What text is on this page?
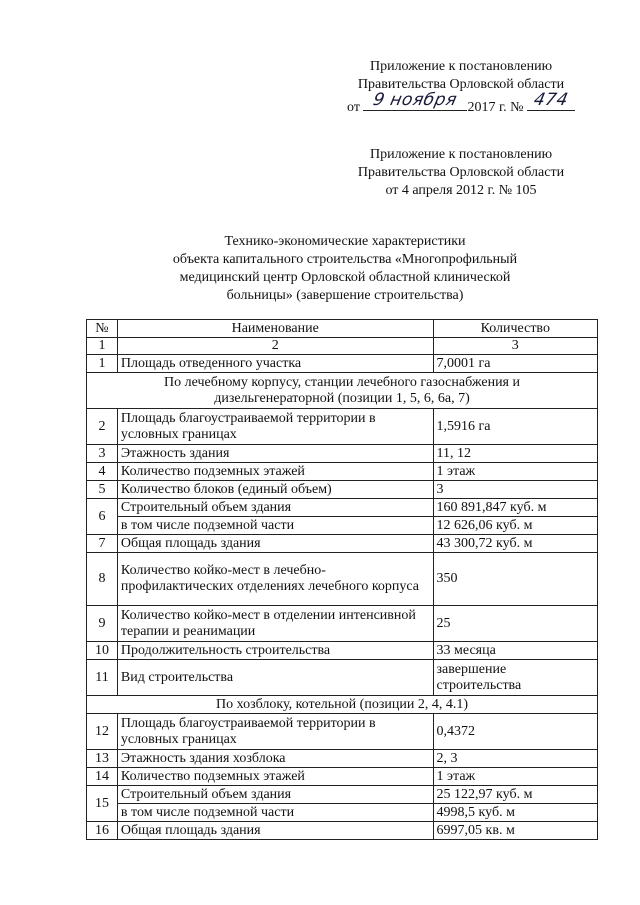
Приложение к постановлению
Правительства Орловской области
от 9 ноября 2017 г. № 474
Приложение к постановлению
Правительства Орловской области
от 4 апреля 2012 г. № 105
Технико-экономические характеристики
объекта капитального строительства «Многопрофильный
медицинский центр Орловской областной клинической
больницы» (завершение строительства)
№	Наименование	Количество
1	2	3
1	Площадь отведенного участка	7,0001 га
По лечебному корпусу, станции лечебного газоснабжения и дизельгенераторной (позиции 1, 5, 6, 6а, 7)		
2	Площадь благоустраиваемой территории в условных границах	1,5916 га
3	Этажность здания	11, 12
4	Количество подземных этажей	1 этаж
5	Количество блоков (единый объем)	3
6	Строительный объем здания	160 891,847 куб. м
	в том числе подземной части	12 626,06 куб. м
7	Общая площадь здания	43 300,72 куб. м
8	Количество койко-мест в лечебно-профилактических отделениях лечебного корпуса	350
9	Количество койко-мест в отделении интенсивной терапии и реанимации	25
10	Продолжительность строительства	33 месяца
11	Вид строительства	завершение строительства
По хозблоку, котельной (позиции 2, 4, 4.1)		
12	Площадь благоустраиваемой территории в условных границах	0,4372
13	Этажность здания хозблока	2, 3
14	Количество подземных этажей	1 этаж
15	Строительный объем здания	25 122,97 куб. м
	в том числе подземной части	4998,5 куб. м
16	Общая площадь здания	6997,05 кв. м
